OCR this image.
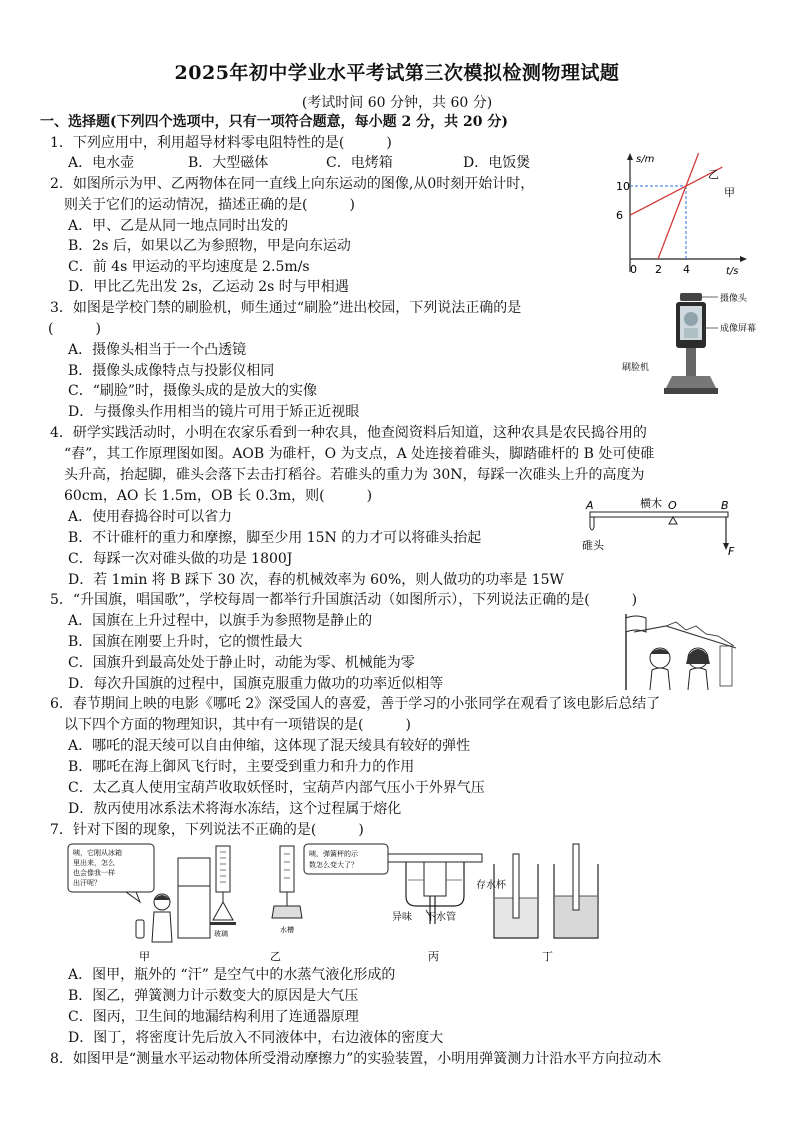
2025年初中学业水平考试第三次模拟检测物理试题
(考试时间 60 分钟，共 60 分)
一、选择题(下列四个选项中，只有一项符合题意，每小题 2 分，共 20 分)
1．下列应用中，利用超导材料零电阻特性的是(　　　)
A．电水壶	B．大型磁体	C．电烤箱	D．电饭煲
2．如图所示为甲、乙两物体在同一直线上向东运动的图像,从0时刻开始计时，
则关于它们的运动情况，描述正确的是(　　　)
A．甲、乙是从同一地点同时出发的
B．2s 后，如果以乙为参照物，甲是向东运动
C．前 4s 甲运动的平均速度是 2.5m/s
D．甲比乙先出发 2s，乙运动 2s 时与甲相遇
10
6
0 2 4
s/m
t/s
乙
甲
3．如图是学校门禁的刷脸机，师生通过“刷脸”进出校园，下列说法正确的是
(　　　)
A．摄像头相当于一个凸透镜
B．摄像头成像特点与投影仪相同
C．“刷脸”时，摄像头成的是放大的实像
D．与摄像头作用相当的镜片可用于矫正近视眼
摄像头
成像屏幕
刷脸机
4．研学实践活动时，小明在农家乐看到一种农具，他查阅资料后知道，这种农具是农民捣谷用的
“舂”，其工作原理图如图。AOB 为碓杆，O 为支点，A 处连接着碓头，脚踏碓杆的 B 处可使碓
头升高，抬起脚，碓头会落下去击打稻谷。若碓头的重力为 30N，每踩一次碓头上升的高度为
60cm，AO 长 1.5m，OB 长 0.3m，则(　　　)
A．使用舂捣谷时可以省力
B．不计碓杆的重力和摩擦，脚至少用 15N 的力才可以将碓头抬起
C．每踩一次对碓头做的功是 1800J
D．若 1min 将 B 踩下 30 次，舂的机械效率为 60%，则人做功的功率是 15W
A	横木 O	B
F
碓头
5．“升国旗，唱国歌”，学校每周一都举行升国旗活动（如图所示），下列说法正确的是(　　　)
A．国旗在上升过程中，以旗手为参照物是静止的
B．国旗在刚要上升时，它的惯性最大
C．国旗升到最高处处于静止时，动能为零、机械能为零
D．每次升国旗的过程中，国旗克服重力做功的功率近似相等
6．春节期间上映的电影《哪吒 2》深受国人的喜爱，善于学习的小张同学在观看了该电影后总结了
以下四个方面的物理知识，其中有一项错误的是(　　　)
A．哪吒的混天绫可以自由伸缩，这体现了混天绫具有较好的弹性
B．哪吒在海上御风飞行时，主要受到重力和升力的作用
C．太乙真人使用宝葫芦收取妖怪时，宝葫芦内部气压小于外界气压
D．敖丙使用冰系法术将海水冻结，这个过程属于熔化
7．针对下图的现象，下列说法不正确的是(　　　)
咦，它刚从冰箱
里出来，怎么
也会像我一样
出汗呢？
甲
玻璃	水槽
咦，弹簧秤的示
数怎么变大了？
乙
存水杯
异味 下水管
丙	丁
A．图甲，瓶外的 “汗” 是空气中的水蒸气液化形成的
B．图乙，弹簧测力计示数变大的原因是大气压
C．图丙，卫生间的地漏结构利用了连通器原理
D．图丁，将密度计先后放入不同液体中，右边液体的密度大
8．如图甲是“测量水平运动物体所受滑动摩擦力”的实验装置，小明用弹簧测力计沿水平方向拉动木
